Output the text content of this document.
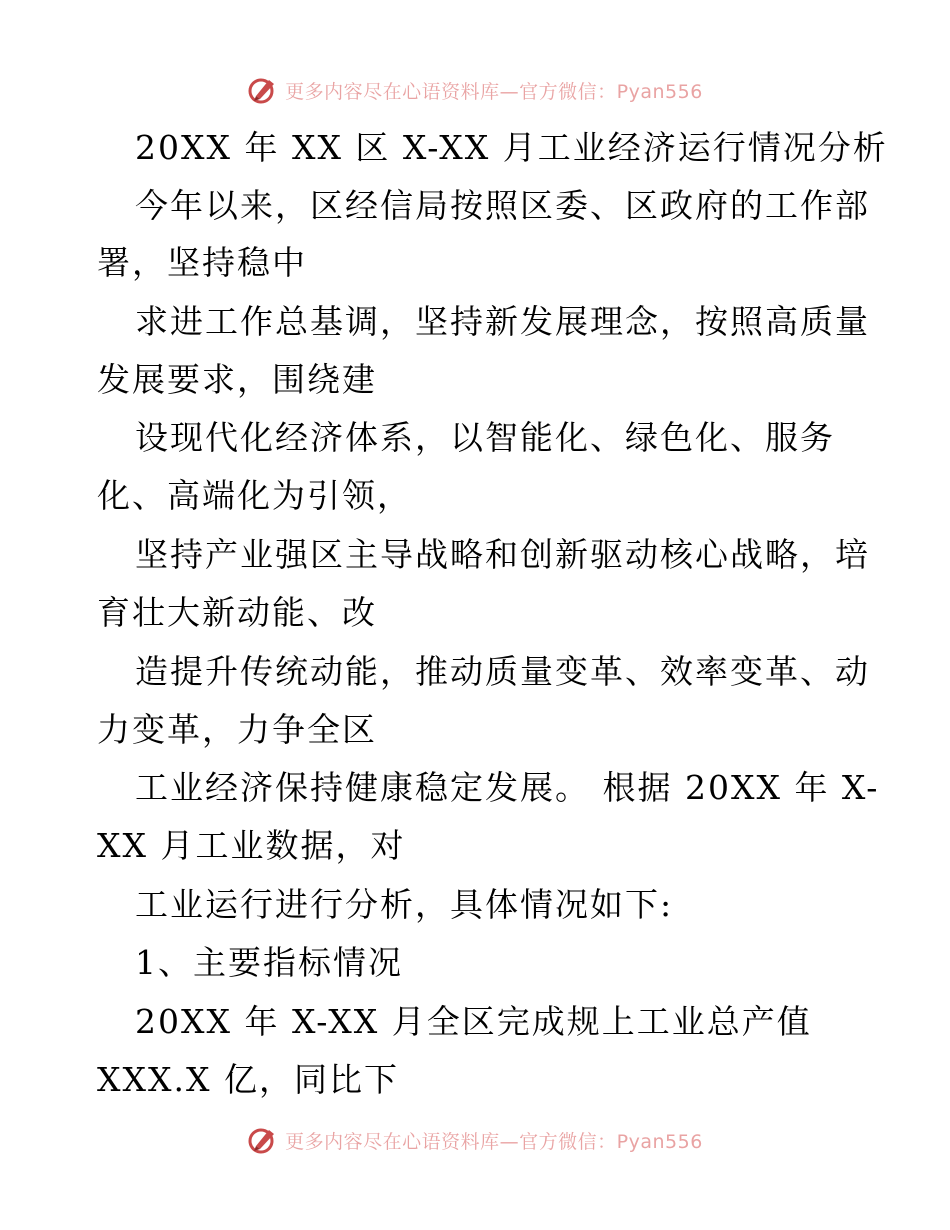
更多内容尽在心语资料库—官方微信：Pyan556
20XX 年 XX 区 X-XX 月工业经济运行情况分析
今年以来，区经信局按照区委、区政府的工作部
署，坚持稳中
求进工作总基调，坚持新发展理念，按照高质量
发展要求，围绕建
设现代化经济体系，以智能化、绿色化、服务
化、高端化为引领，
坚持产业强区主导战略和创新驱动核心战略，培
育壮大新动能、改
造提升传统动能，推动质量变革、效率变革、动
力变革，力争全区
工业经济保持健康稳定发展。 根据 20XX 年 X-
XX 月工业数据，对
工业运行进行分析，具体情况如下:
1、主要指标情况
20XX 年 X-XX 月全区完成规上工业总产值
XXX.X 亿，同比下
更多内容尽在心语资料库—官方微信：Pyan556
